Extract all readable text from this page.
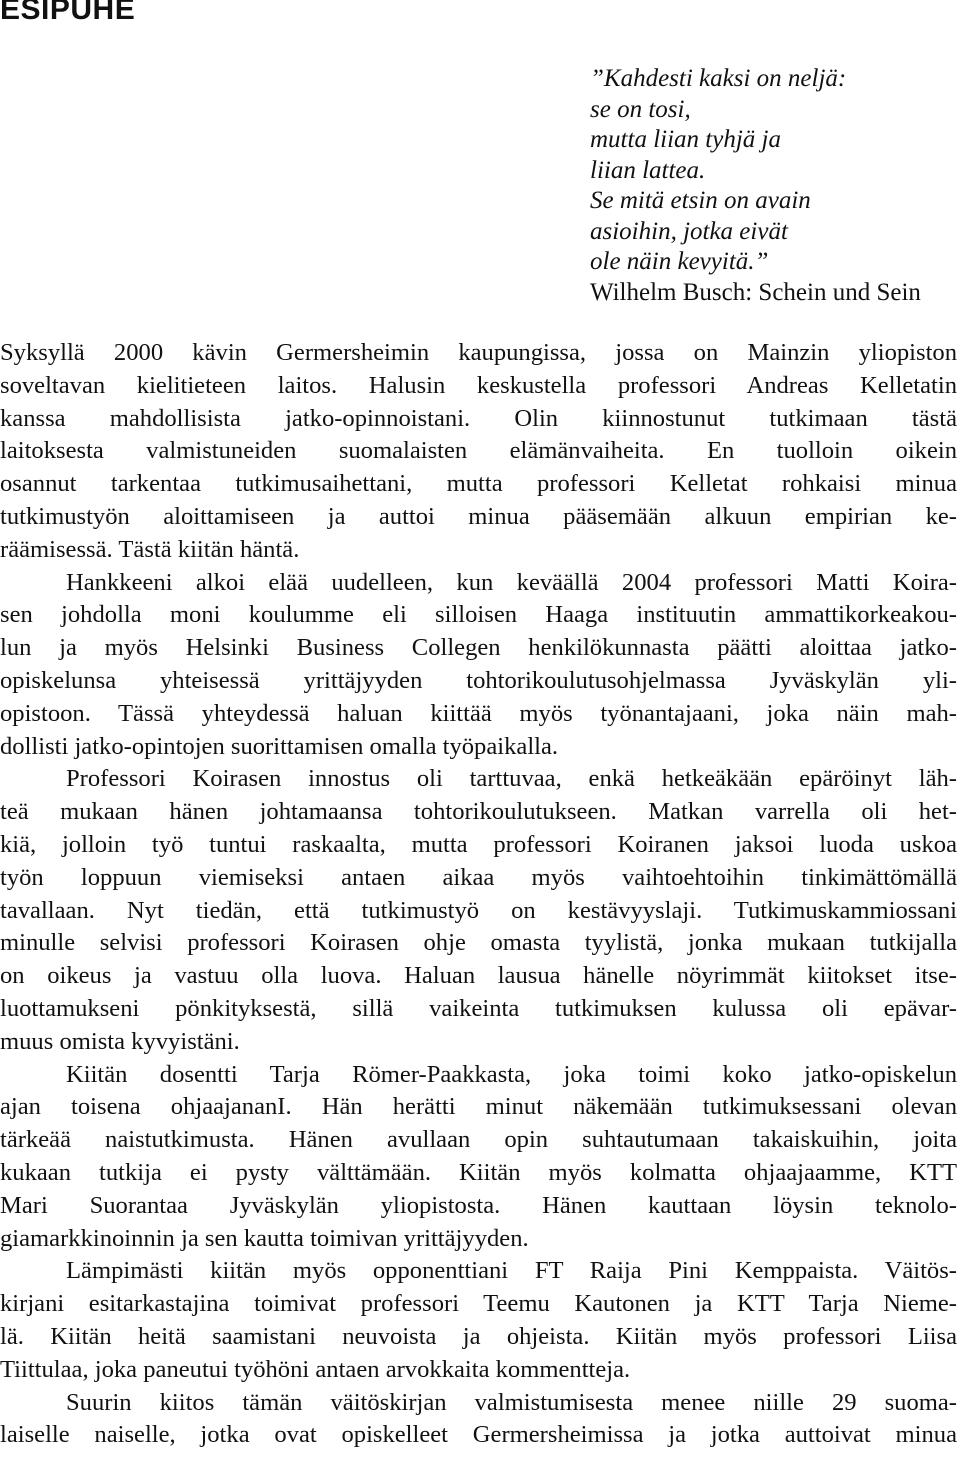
ESIPUHE
”Kahdesti kaksi on neljä:
se on tosi,
mutta liian tyhjä ja
liian lattea.
Se mitä etsin on avain
asioihin, jotka eivät
ole näin kevyitä.”
Wilhelm Busch: Schein und Sein

Syksyllä 2000 kävin Germersheimin kaupungissa, jossa on Mainzin yliopiston
soveltavan kielitieteen laitos. Halusin keskustella professori Andreas Kelletatin
kanssa mahdollisista jatko-opinnoistani. Olin kiinnostunut tutkimaan tästä
laitoksesta valmistuneiden suomalaisten elämänvaiheita. En tuolloin oikein
osannut tarkentaa tutkimusaihettani, mutta professori Kelletat rohkaisi minua
tutkimustyön aloittamiseen ja auttoi minua pääsemään alkuun empirian ke-
räämisessä. Tästä kiitän häntä.

Hankkeeni alkoi elää uudelleen, kun keväällä 2004 professori Matti Koira-
sen johdolla moni koulumme eli silloisen Haaga instituutin ammattikorkeakou-
lun ja myös Helsinki Business Collegen henkilökunnasta päätti aloittaa jatko-
opiskelunsa yhteisessä yrittäjyyden tohtorikoulutusohjelmassa Jyväskylän yli-
opistoon. Tässä yhteydessä haluan kiittää myös työnantajaani, joka näin mah-
dollisti jatko-opintojen suorittamisen omalla työpaikalla.

Professori Koirasen innostus oli tarttuvaa, enkä hetkeäkään epäröinyt läh-
teä mukaan hänen johtamaansa tohtorikoulutukseen. Matkan varrella oli het-
kiä, jolloin työ tuntui raskaalta, mutta professori Koiranen jaksoi luoda uskoa
työn loppuun viemiseksi antaen aikaa myös vaihtoehtoihin tinkimättömällä
tavallaan. Nyt tiedän, että tutkimustyö on kestävyyslaji. Tutkimuskammiossani
minulle selvisi professori Koirasen ohje omasta tyylistä, jonka mukaan tutkijalla
on oikeus ja vastuu olla luova. Haluan lausua hänelle nöyrimmät kiitokset itse-
luottamukseni pönkityksestä, sillä vaikeinta tutkimuksen kulussa oli epävar-
muus omista kyvyistäni.

Kiitän dosentti Tarja Römer-Paakkasta, joka toimi koko jatko-opiskelun
ajan toisena ohjaajananI. Hän herätti minut näkemään tutkimuksessani olevan
tärkeää naistutkimusta. Hänen avullaan opin suhtautumaan takaiskuihin, joita
kukaan tutkija ei pysty välttämään. Kiitän myös kolmatta ohjaajaamme, KTT
Mari Suorantaa Jyväskylän yliopistosta. Hänen kauttaan löysin teknolo-
giamarkkinoinnin ja sen kautta toimivan yrittäjyyden.

Lämpimästi kiitän myös opponenttiani FT Raija Pini Kemppaista. Väitös-
kirjani esitarkastajina toimivat professori Teemu Kautonen ja KTT Tarja Nieme-
lä. Kiitän heitä saamistani neuvoista ja ohjeista. Kiitän myös professori Liisa
Tiittulaa, joka paneutui työhöni antaen arvokkaita kommentteja.

Suurin kiitos tämän väitöskirjan valmistumisesta menee niille 29 suoma-
laiselle naiselle, jotka ovat opiskelleet Germersheimissa ja jotka auttoivat minua
